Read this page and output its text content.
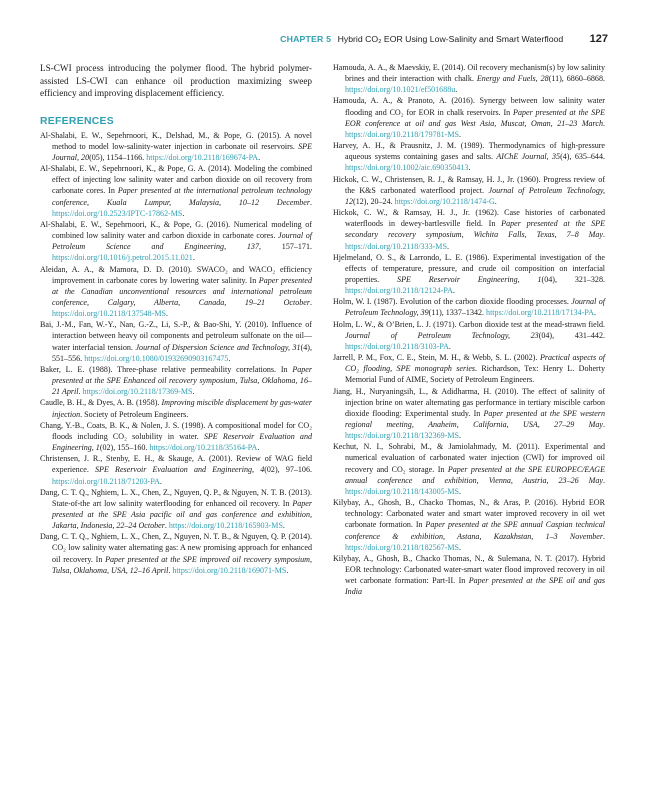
CHAPTER 5 Hybrid CO₂ EOR Using Low-Salinity and Smart Waterflood 127

LS-CWI process introducing the polymer flood. The hybrid polymer-assisted LS-CWI can enhance oil production maximizing sweep efficiency and improving displacement efficiency.

REFERENCES

Al-Shalabi, E. W., Sepehrnoori, K., Delshad, M., & Pope, G. (2015). A novel method to model low-salinity-water injection in carbonate oil reservoirs. SPE Journal, 20(05), 1154–1166. https://doi.org/10.2118/169674-PA.

Al-Shalabi, E. W., Sepehrnoori, K., & Pope, G. A. (2014). Modeling the combined effect of injecting low salinity water and carbon dioxide on oil recovery from carbonate cores. In Paper presented at the international petroleum technology conference, Kuala Lumpur, Malaysia, 10–12 December. https://doi.org/10.2523/IPTC-17862-MS.

Al-Shalabi, E. W., Sepehrnoori, K., & Pope, G. (2016). Numerical modeling of combined low salinity water and carbon dioxide in carbonate cores. Journal of Petroleum Science and Engineering, 137, 157–171. https://doi.org/10.1016/j.petrol.2015.11.021.

Aleidan, A. A., & Mamora, D. D. (2010). SWACO₂ and WACO₂ efficiency improvement in carbonate cores by lowering water salinity. In Paper presented at the Canadian unconventional resources and international petroleum conference, Calgary, Alberta, Canada, 19–21 October. https://doi.org/10.2118/137548-MS.

Bai, J.-M., Fan, W.-Y., Nan, G.-Z., Li, S.-P., & Bao-Shi, Y. (2010). Influence of interaction between heavy oil components and petroleum sulfonate on the oil—water interfacial tension. Journal of Dispersion Science and Technology, 31(4), 551–556. https://doi.org/10.1080/01932690903167475.

Baker, L. E. (1988). Three-phase relative permeability correlations. In Paper presented at the SPE Enhanced oil recovery symposium, Tulsa, Oklahoma, 16–21 April. https://doi.org/10.2118/17369-MS.

Caudle, B. H., & Dyes, A. B. (1958). Improving miscible displacement by gas-water injection. Society of Petroleum Engineers.

Chang, Y.-B., Coats, B. K., & Nolen, J. S. (1998). A compositional model for CO₂ floods including CO₂ solubility in water. SPE Reservoir Evaluation and Engineering, 1(02), 155–160. https://doi.org/10.2118/35164-PA.

Christensen, J. R., Stenby, E. H., & Skauge, A. (2001). Review of WAG field experience. SPE Reservoir Evaluation and Engineering, 4(02), 97–106. https://doi.org/10.2118/71203-PA.

Dang, C. T. Q., Nghiem, L. X., Chen, Z., Nguyen, Q. P., & Nguyen, N. T. B. (2013). State-of-the art low salinity waterflooding for enhanced oil recovery. In Paper presented at the SPE Asia pacific oil and gas conference and exhibition, Jakarta, Indonesia, 22–24 October. https://doi.org/10.2118/165903-MS.

Dang, C. T. Q., Nghiem, L. X., Chen, Z., Nguyen, N. T. B., & Nguyen, Q. P. (2014). CO₂ low salinity water alternating gas: A new promising approach for enhanced oil recovery. In Paper presented at the SPE improved oil recovery symposium, Tulsa, Oklahoma, USA, 12–16 April. https://doi.org/10.2118/169071-MS.

Hamouda, A. A., & Maevskiy, E. (2014). Oil recovery mechanism(s) by low salinity brines and their interaction with chalk. Energy and Fuels, 28(11), 6860–6868. https://doi.org/10.1021/ef501688u.

Hamouda, A. A., & Pranoto, A. (2016). Synergy between low salinity water flooding and CO₂ for EOR in chalk reservoirs. In Paper presented at the SPE EOR conference at oil and gas West Asia, Muscat, Oman, 21–23 March. https://doi.org/10.2118/179781-MS.

Harvey, A. H., & Prausnitz, J. M. (1989). Thermodynamics of high-pressure aqueous systems containing gases and salts. AIChE Journal, 35(4), 635–644. https://doi.org/10.1002/aic.690350413.

Hickok, C. W., Christensen, R. J., & Ramsay, H. J., Jr. (1960). Progress review of the K&S carbonated waterflood project. Journal of Petroleum Technology, 12(12), 20–24. https://doi.org/10.2118/1474-G.

Hickok, C. W., & Ramsay, H. J., Jr. (1962). Case histories of carbonated waterfloods in dewey-bartlesville field. In Paper presented at the SPE secondary recovery symposium, Wichita Falls, Texas, 7–8 May. https://doi.org/10.2118/333-MS.

Hjelmeland, O. S., & Larrondo, L. E. (1986). Experimental investigation of the effects of temperature, pressure, and crude oil composition on interfacial properties. SPE Reservoir Engineering, 1(04), 321–328. https://doi.org/10.2118/12124-PA.

Holm, W. I. (1987). Evolution of the carbon dioxide flooding processes. Journal of Petroleum Technology, 39(11), 1337–1342. https://doi.org/10.2118/17134-PA.

Holm, L. W., & O’Brien, L. J. (1971). Carbon dioxide test at the mead-strawn field. Journal of Petroleum Technology, 23(04), 431–442. https://doi.org/10.2118/3103-PA.

Jarrell, P. M., Fox, C. E., Stein, M. H., & Webb, S. L. (2002). Practical aspects of CO₂ flooding, SPE monograph series. Richardson, Tex: Henry L. Doherty Memorial Fund of AIME, Society of Petroleum Engineers.

Jiang, H., Nuryaningsih, L., & Adidharma, H. (2010). The effect of salinity of injection brine on water alternating gas performance in tertiary miscible carbon dioxide flooding: Experimental study. In Paper presented at the SPE western regional meeting, Anaheim, California, USA, 27–29 May. https://doi.org/10.2118/132369-MS.

Kechut, N. I., Sohrabi, M., & Jamiolahmady, M. (2011). Experimental and numerical evaluation of carbonated water injection (CWI) for improved oil recovery and CO₂ storage. In Paper presented at the SPE EUROPEC/EAGE annual conference and exhibition, Vienna, Austria, 23–26 May. https://doi.org/10.2118/143005-MS.

Kilybay, A., Ghosh, B., Chacko Thomas, N., & Aras, P. (2016). Hybrid EOR technology: Carbonated water and smart water improved recovery in oil wet carbonate formation. In Paper presented at the SPE annual Caspian technical conference & exhibition, Astana, Kazakhstan, 1–3 November. https://doi.org/10.2118/182567-MS.

Kilybay, A., Ghosh, B., Chacko Thomas, N., & Sulemana, N. T. (2017). Hybrid EOR technology: Carbonated water-smart water flood improved recovery in oil wet carbonate formation: Part-II. In Paper presented at the SPE oil and gas India
